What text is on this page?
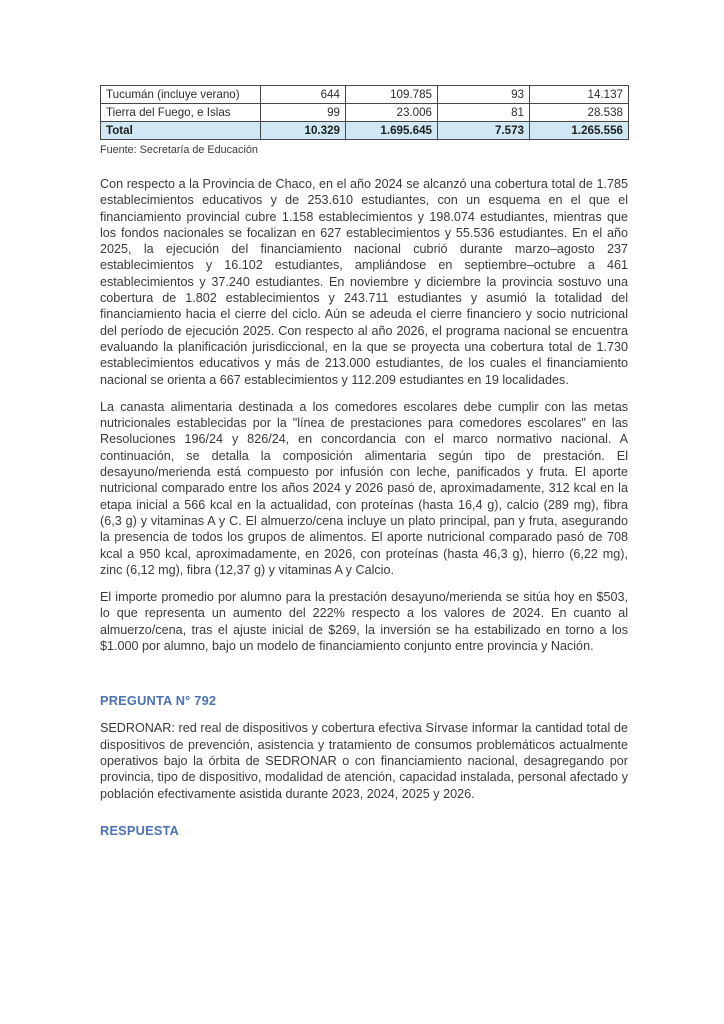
Tucumán (incluye verano)	644	109.785	93	14.137
Tierra del Fuego, e Islas	99	23.006	81	28.538
Total	10.329	1.695.645	7.573	1.265.556
Fuente: Secretaría de Educación

Con respecto a la Provincia de Chaco, en el año 2024 se alcanzó una cobertura total de 1.785 establecimientos educativos y de 253.610 estudiantes, con un esquema en el que el financiamiento provincial cubre 1.158 establecimientos y 198.074 estudiantes, mientras que los fondos nacionales se focalizan en 627 establecimientos y 55.536 estudiantes. En el año 2025, la ejecución del financiamiento nacional cubrió durante marzo–agosto 237 establecimientos y 16.102 estudiantes, ampliándose en septiembre–octubre a 461 establecimientos y 37.240 estudiantes. En noviembre y diciembre la provincia sostuvo una cobertura de 1.802 establecimientos y 243.711 estudiantes y asumió la totalidad del financiamiento hacia el cierre del ciclo. Aún se adeuda el cierre financiero y socio nutricional del período de ejecución 2025. Con respecto al año 2026, el programa nacional se encuentra evaluando la planificación jurisdiccional, en la que se proyecta una cobertura total de 1.730 establecimientos educativos y más de 213.000 estudiantes, de los cuales el financiamiento nacional se orienta a 667 establecimientos y 112.209 estudiantes en 19 localidades.

La canasta alimentaria destinada a los comedores escolares debe cumplir con las metas nutricionales establecidas por la "línea de prestaciones para comedores escolares" en las Resoluciones 196/24 y 826/24, en concordancia con el marco normativo nacional. A continuación, se detalla la composición alimentaria según tipo de prestación. El desayuno/merienda está compuesto por infusión con leche, panificados y fruta. El aporte nutricional comparado entre los años 2024 y 2026 pasó de, aproximadamente, 312 kcal en la etapa inicial a 566 kcal en la actualidad, con proteínas (hasta 16,4 g), calcio (289 mg), fibra (6,3 g) y vitaminas A y C. El almuerzo/cena incluye un plato principal, pan y fruta, asegurando la presencia de todos los grupos de alimentos. El aporte nutricional comparado pasó de 708 kcal a 950 kcal, aproximadamente, en 2026, con proteínas (hasta 46,3 g), hierro (6,22 mg), zinc (6,12 mg), fibra (12,37 g) y vitaminas A y Calcio.

El importe promedio por alumno para la prestación desayuno/merienda se sitúa hoy en $503, lo que representa un aumento del 222% respecto a los valores de 2024. En cuanto al almuerzo/cena, tras el ajuste inicial de $269, la inversión se ha estabilizado en torno a los $1.000 por alumno, bajo un modelo de financiamiento conjunto entre provincia y Nación.

PREGUNTA N° 792

SEDRONAR: red real de dispositivos y cobertura efectiva Sírvase informar la cantidad total de dispositivos de prevención, asistencia y tratamiento de consumos problemáticos actualmente operativos bajo la órbita de SEDRONAR o con financiamiento nacional, desagregando por provincia, tipo de dispositivo, modalidad de atención, capacidad instalada, personal afectado y población efectivamente asistida durante 2023, 2024, 2025 y 2026.

RESPUESTA
